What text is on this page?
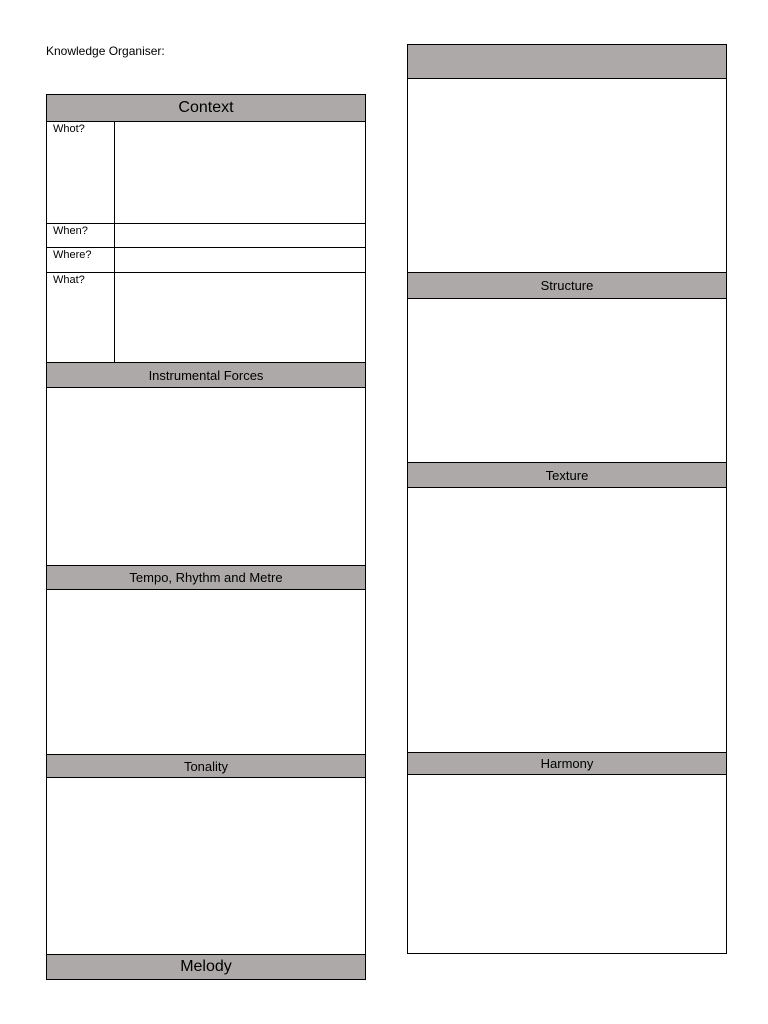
Knowledge Organiser:
Context
Whot?
When?
Where?
What?
Instrumental Forces
Tempo, Rhythm and Metre
Tonality
Melody
Structure
Texture
Harmony
